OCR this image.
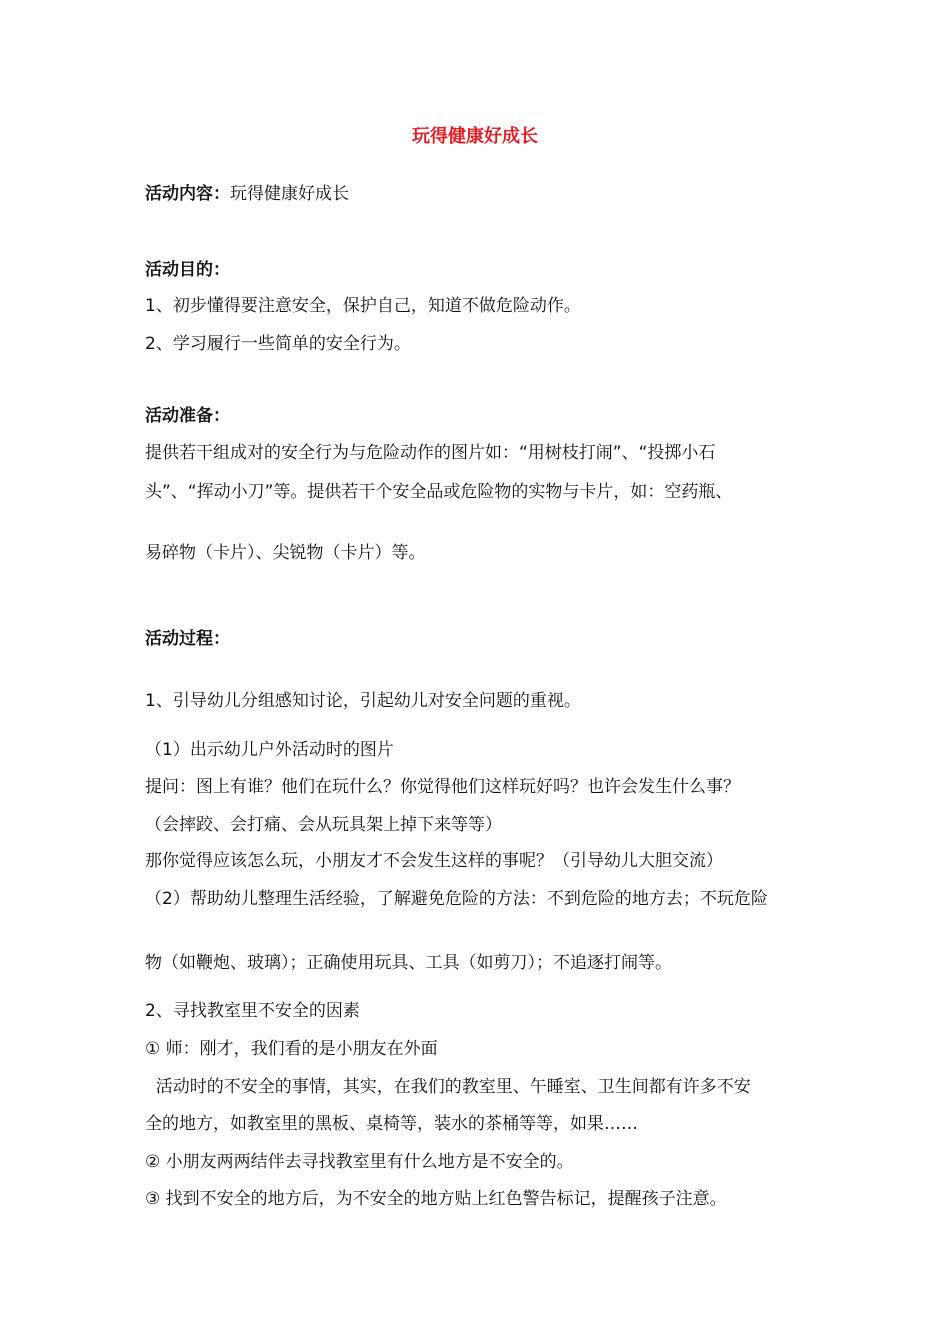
玩得健康好成长
活动内容：玩得健康好成长
活动目的：
1、初步懂得要注意安全，保护自己，知道不做危险动作。
2、学习履行一些简单的安全行为。
活动准备：
提供若干组成对的安全行为与危险动作的图片如：“用树枝打闹”、“投掷小石
头”、“挥动小刀”等。提供若干个安全品或危险物的实物与卡片，如：空药瓶、
易碎物（卡片）、尖锐物（卡片）等。
活动过程：
1、引导幼儿分组感知讨论，引起幼儿对安全问题的重视。
（1）出示幼儿户外活动时的图片
提问：图上有谁？他们在玩什么？你觉得他们这样玩好吗？也许会发生什么事？
（会摔跤、会打痛、会从玩具架上掉下来等等）
那你觉得应该怎么玩，小朋友才不会发生这样的事呢？（引导幼儿大胆交流）
（2）帮助幼儿整理生活经验，了解避免危险的方法：不到危险的地方去；不玩危险
物（如鞭炮、玻璃）；正确使用玩具、工具（如剪刀）；不追逐打闹等。
2、寻找教室里不安全的因素
① 师：刚才，我们看的是小朋友在外面
活动时的不安全的事情，其实，在我们的教室里、午睡室、卫生间都有许多不安
全的地方，如教室里的黑板、桌椅等，装水的茶桶等等，如果……
② 小朋友两两结伴去寻找教室里有什么地方是不安全的。
③ 找到不安全的地方后，为不安全的地方贴上红色警告标记，提醒孩子注意。
